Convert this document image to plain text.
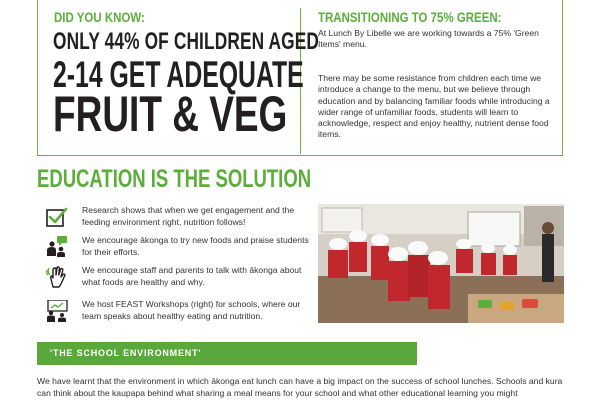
DID YOU KNOW:
ONLY 44% OF CHILDREN AGED
2-14 GET ADEQUATE
FRUIT & VEG
TRANSITIONING TO 75% GREEN:
At Lunch By Libelle we are working towards a 75% 'Green Items' menu.
There may be some resistance from children each time we introduce a change to the menu, but we believe through education and by balancing familiar foods while introducing a wider range of unfamiliar foods, students will learn to acknowledge, respect and enjoy healthy, nutrient dense food items.
EDUCATION IS THE SOLUTION
Research shows that when we get engagement and the feeding environment right, nutrition follows!
We encourage ākonga to try new foods and praise students for their efforts.
We encourage staff and parents to talk with ākonga about what foods are healthy and why.
We host FEAST Workshops (right) for schools, where our team speaks about healthy eating and nutrition.
'THE SCHOOL ENVIRONMENT'
We have learnt that the environment in which ākonga eat lunch can have a big impact on the success of school lunches. Schools and kura can think about the kaupapa behind what sharing a meal means for your school and what other educational learning you might
